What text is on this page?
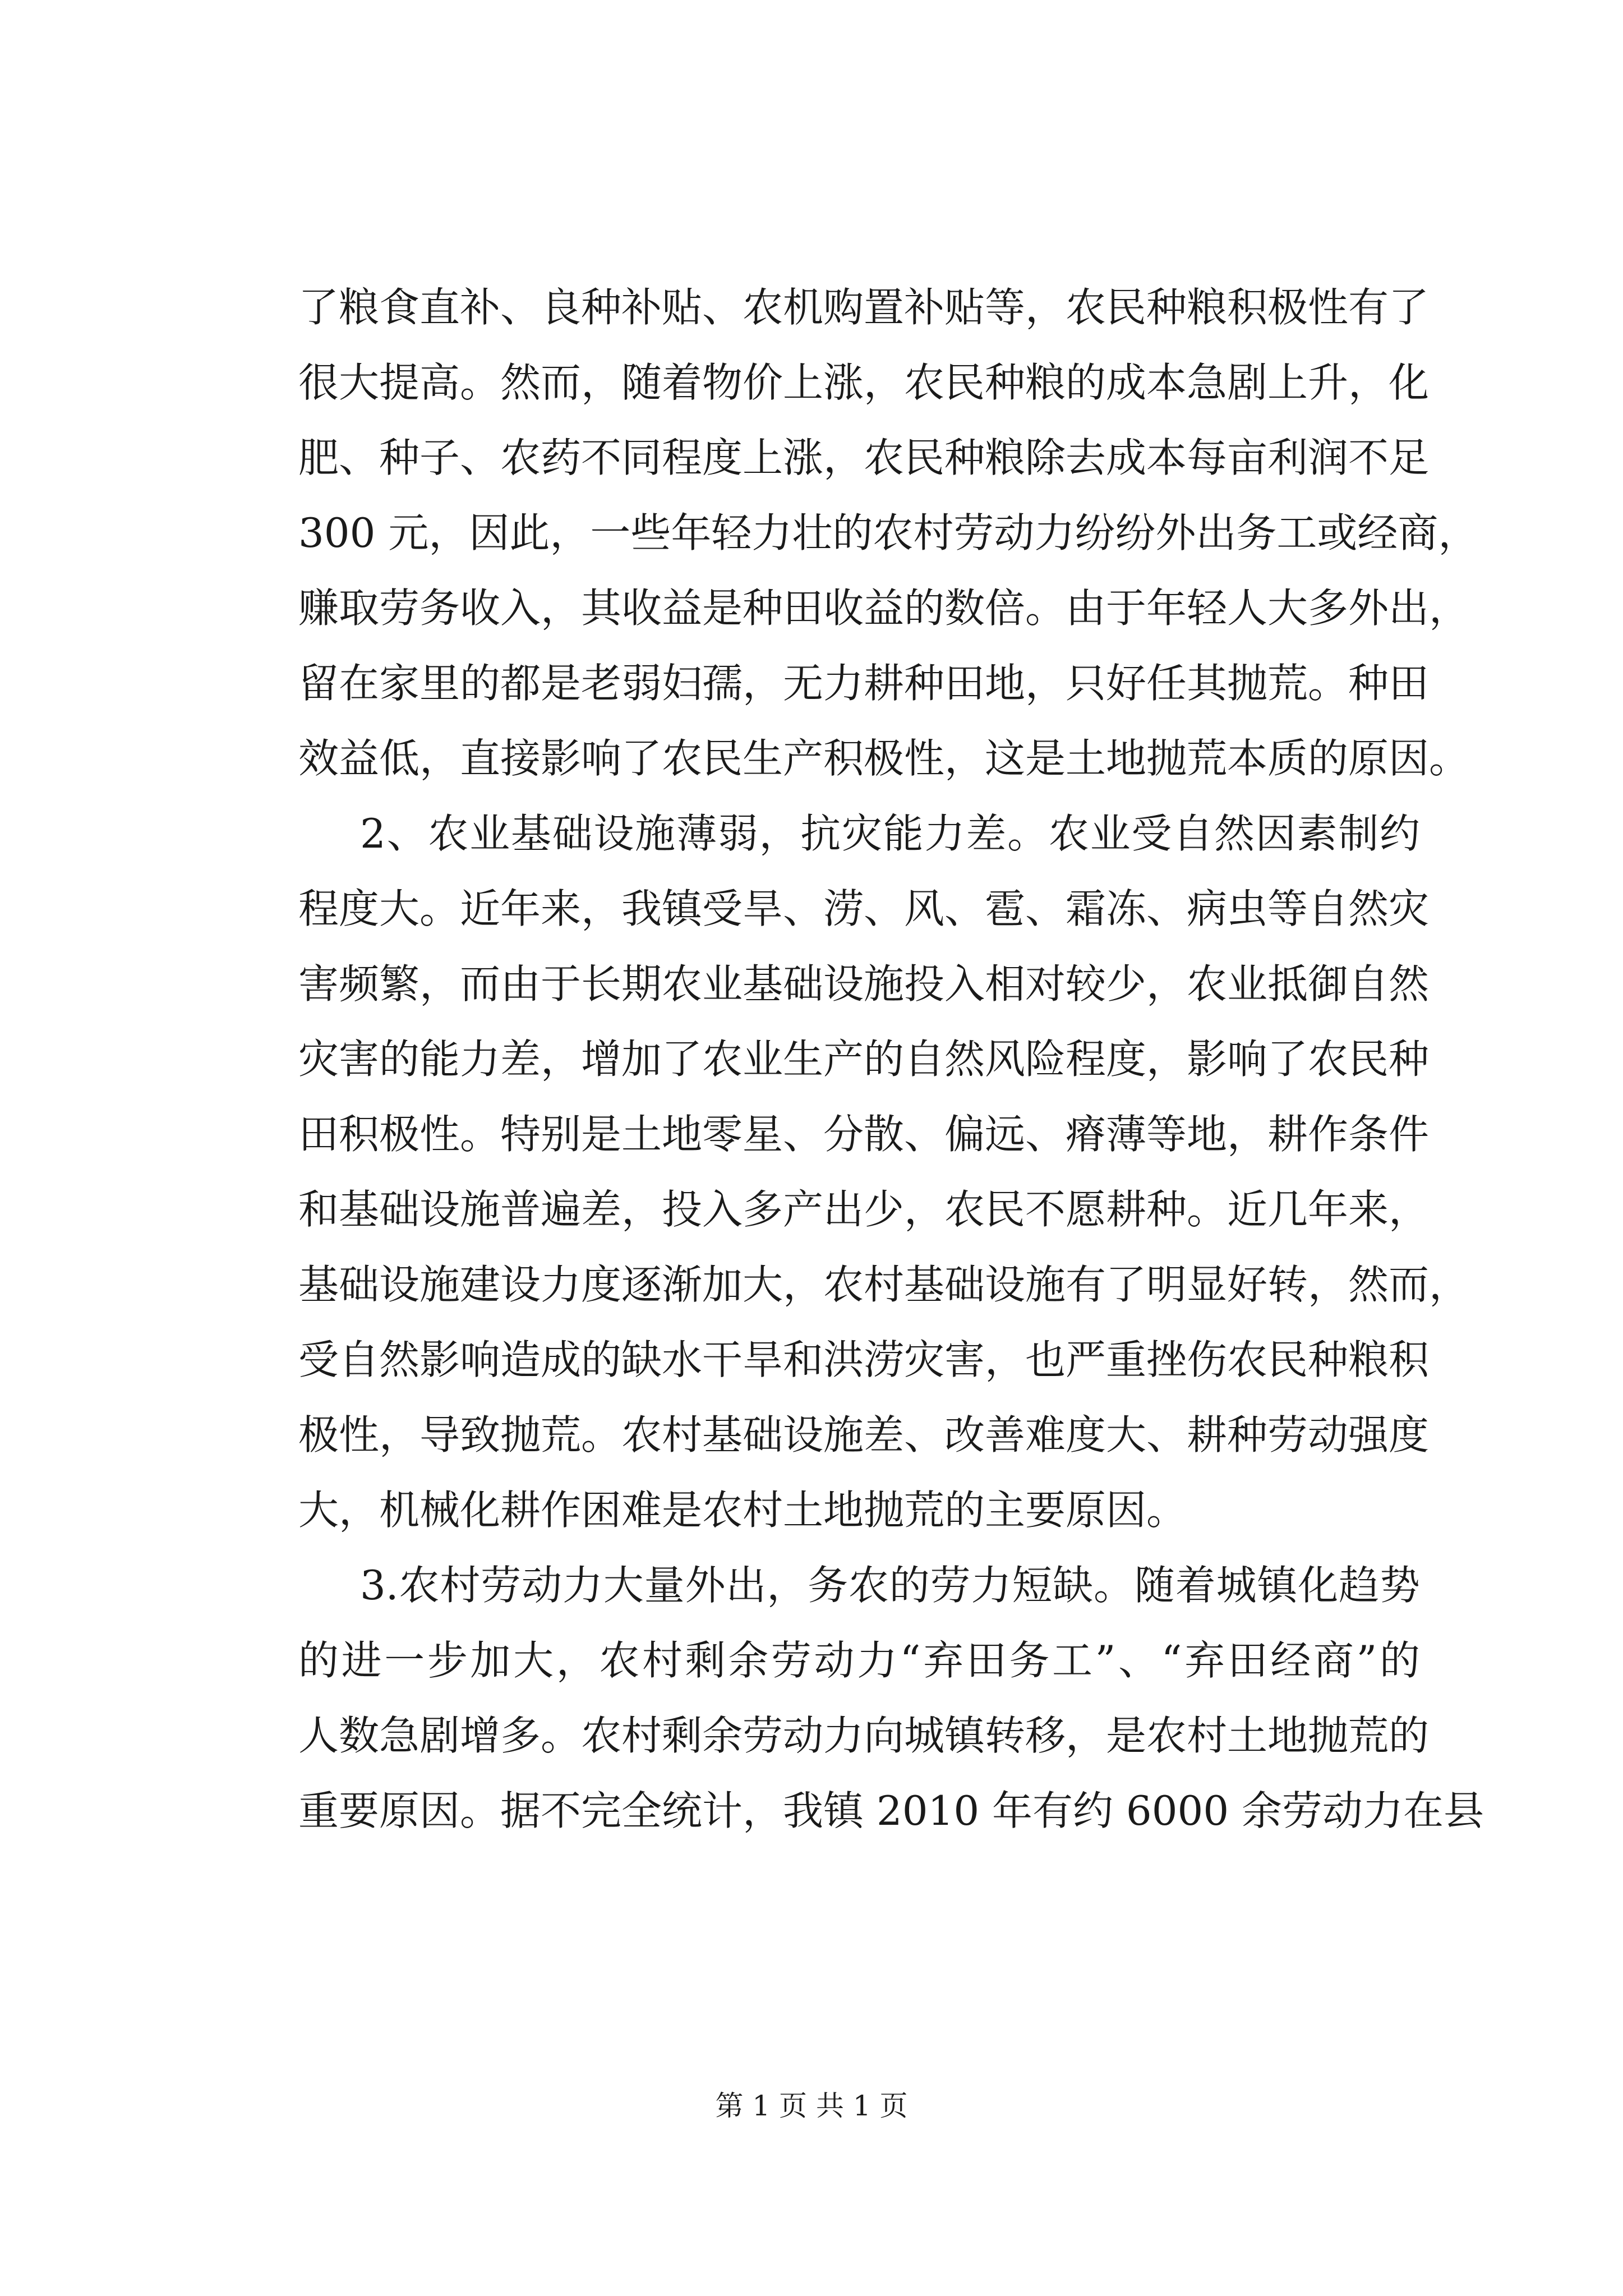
了粮食直补、良种补贴、农机购置补贴等，农民种粮积极性有了
很大提高。然而，随着物价上涨，农民种粮的成本急剧上升，化
肥、种子、农药不同程度上涨，农民种粮除去成本每亩利润不足
300 元，因此，一些年轻力壮的农村劳动力纷纷外出务工或经商，
赚取劳务收入，其收益是种田收益的数倍。由于年轻人大多外出，
留在家里的都是老弱妇孺，无力耕种田地，只好任其抛荒。种田
效益低，直接影响了农民生产积极性，这是土地抛荒本质的原因。
2、农业基础设施薄弱，抗灾能力差。农业受自然因素制约
程度大。近年来，我镇受旱、涝、风、雹、霜冻、病虫等自然灾
害频繁，而由于长期农业基础设施投入相对较少，农业抵御自然
灾害的能力差，增加了农业生产的自然风险程度，影响了农民种
田积极性。特别是土地零星、分散、偏远、瘠薄等地，耕作条件
和基础设施普遍差，投入多产出少，农民不愿耕种。近几年来，
基础设施建设力度逐渐加大，农村基础设施有了明显好转，然而，
受自然影响造成的缺水干旱和洪涝灾害，也严重挫伤农民种粮积
极性，导致抛荒。农村基础设施差、改善难度大、耕种劳动强度
大，机械化耕作困难是农村土地抛荒的主要原因。
3.农村劳动力大量外出，务农的劳力短缺。随着城镇化趋势
的进一步加大，农村剩余劳动力“弃田务工”、“弃田经商”的
人数急剧增多。农村剩余劳动力向城镇转移，是农村土地抛荒的
重要原因。据不完全统计，我镇 2010 年有约 6000 余劳动力在县
第 1 页 共 1 页
